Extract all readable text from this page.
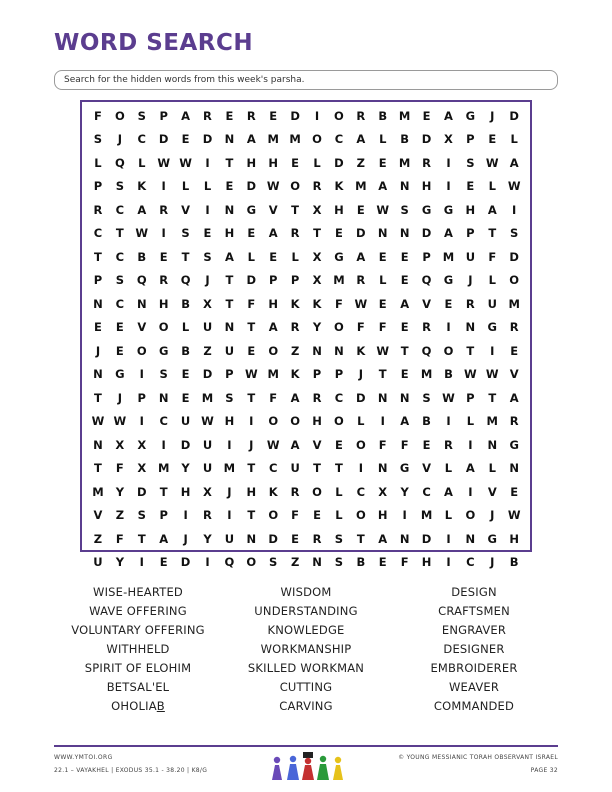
WORD SEARCH
Search for the hidden words from this week's parsha.
F	O	S	P	A	R	E	R	E	D	I	O	R	B	M	E	A	G	J	D
S	J	C	D	E	D	N	A	M M O	C	A	L	B	D	X	P	E	L
L	Q	L	W W	I	T	H	H	E	L	D	Z	E	M	R	I	S W A
P	S	K	I	L	L	E	D W O	R	K	M	A	N	H	I	E	L	W
R	C	A	R	V	I	N	G	V	T	X	H	E	W S	G	G	H	A	I
C	T	W	I	S	E	H	E	A	R	T	E	D	N	N	D	A	P	T	S
T	C	B	E	T	S	A	L	E	L	X	G	A	E	E	P	M	U	F	D
P	S	Q	R	Q	J	T	D	P	P	X	M	R	L	E	Q	G	J	L	O
N	C	N	H	B	X	T	F	H	K	K	F	W	E	A	V	E	R	U	M
E	E	V	O	L	U	N	T	A	R	Y	O	F	F	E	R	I	N	G	R
J	E	O	G	B	Z	U	E	O	Z	N	N	K W	T	Q	O	T	I	E
N	G	I	S	E	D	P W M	K	P	P	J	T	E	M	B W W V
T	J	P	N	E	M	S	T	F	A	R	C	D	N	N	S W P	T	A
W W	I	C	U W H	I	O	O	H	O	L	I	A	B	I	L	M	R
N	X	X	I	D	U	I	J	W A	V	E	O	F	F	E	R	I	N	G
T	F	X	M	Y	U	M	T	C	U	T	T	I	N	G	V	L	A	L	N
M	Y	D	T	H	X	J	H	K	R	O	L	C	X	Y	C	A	I	V	E
V	Z	S	P	I	R	I	T	O	F	E	L	O	H	I	M	L	O	J	W
Z	F	T	A	J	Y	U	N	D	E	R	S	T	A	N	D	I	N	G	H
U	Y	I	E	D	I	Q	O	S	Z	N	S	B	E	F	H	I	C	J	B
WISE-HEARTED
WAVE OFFERING
VOLUNTARY OFFERING
WITHHELD
SPIRIT OF ELOHIM
BETSAL'EL
OHOLIAB
WISDOM
UNDERSTANDING
KNOWLEDGE
WORKMANSHIP
SKILLED WORKMAN
CUTTING
CARVING
DESIGN
CRAFTSMEN
ENGRAVER
DESIGNER
EMBROIDERER
WEAVER
COMMANDED
WWW.YMTOI.ORG
22.1 – VAYAKHEL | EXODUS 35.1 - 38.20 | K8/G
© YOUNG MESSIANIC TORAH OBSERVANT ISRAEL
PAGE 32
